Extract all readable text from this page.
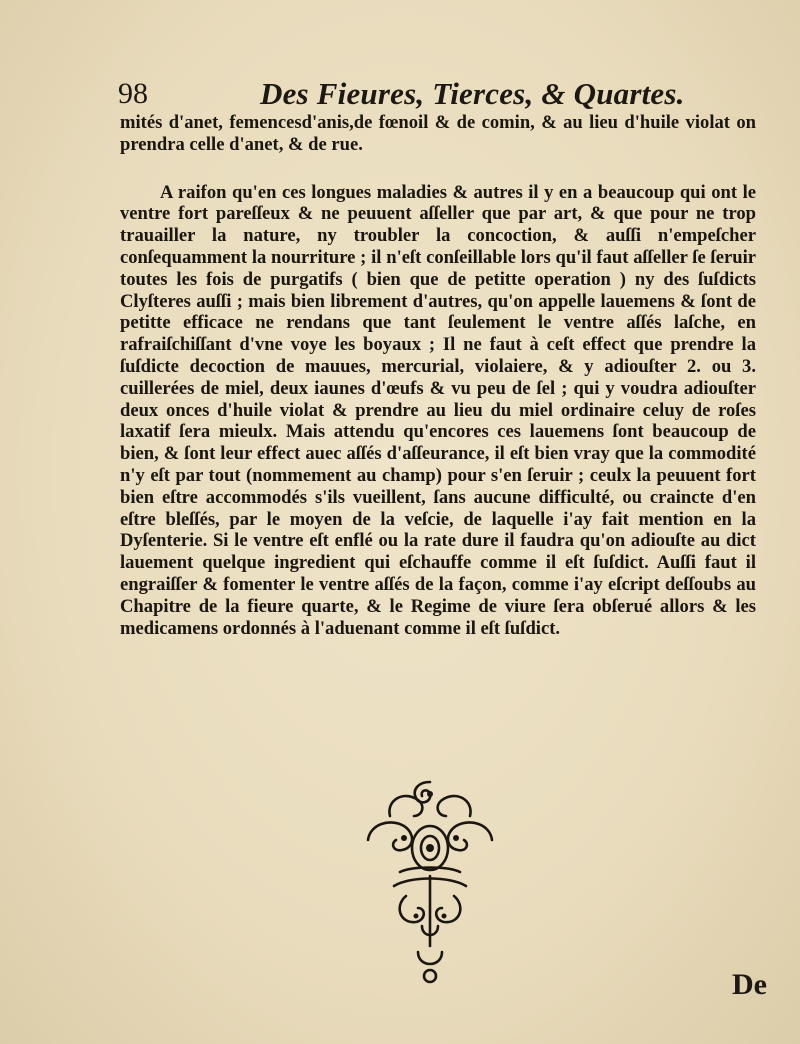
98	Des Fieures, Tierces, & Quartes.

mités d'anet, femencesd'anis,de fœnoil & de comin, & au lieu d'huile violat on prendra celle d'anet, & de rue.

A raifon qu'en ces longues maladies & autres il y en a beaucoup qui ont le ventre fort pareſſeux & ne peuuent aſſeller que par art, & que pour ne trop trauailler la nature, ny troubler la concoction, & auſſi n'empeſcher conſequamment la nourriture ; il n'eſt conſeillable lors qu'il faut aſſeller ſe ſeruir toutes les fois de purgatifs ( bien que de petitte operation ) ny des ſuſdicts Clyſteres auſſi ; mais bien librement d'autres, qu'on appelle lauemens & ſont de petitte efficace ne rendans que tant ſeulement le ventre aſſés laſche, en rafraiſchiſſant d'vne voye les boyaux ; Il ne faut à ceſt effect que prendre la ſuſdicte decoction de mauues, mercurial, violaiere, & y adiouſter 2. ou 3. cuillerées de miel, deux iaunes d'œufs & vu peu de ſel ; qui y voudra adiouſter deux onces d'huile violat & prendre au lieu du miel ordinaire celuy de roſes laxatif ſera mieulx. Mais attendu qu'encores ces lauemens ſont beaucoup de bien, & ſont leur effect auec aſſés d'aſſeurance, il eſt bien vray que la commodité n'y eſt par tout (nommement au champ) pour s'en ſeruir ; ceulx la peuuent fort bien eſtre accommodés s'ils vueillent, ſans aucune difficulté, ou craincte d'en eſtre bleſſés, par le moyen de la veſcie, de laquelle i'ay fait mention en la Dyſenterie. Si le ventre eſt enflé ou la rate dure il faudra qu'on adiouſte au dict lauement quelque ingredient qui eſchauffe comme il eſt ſuſdict. Auſſi faut il engraiſſer & fomenter le ventre aſſés de la façon, comme i'ay eſcript deſſoubs au Chapitre de la fieure quarte, & le Regime de viure ſera obſerué allors & les medicamens ordonnés à l'aduenant comme il eſt ſuſdict.

De
